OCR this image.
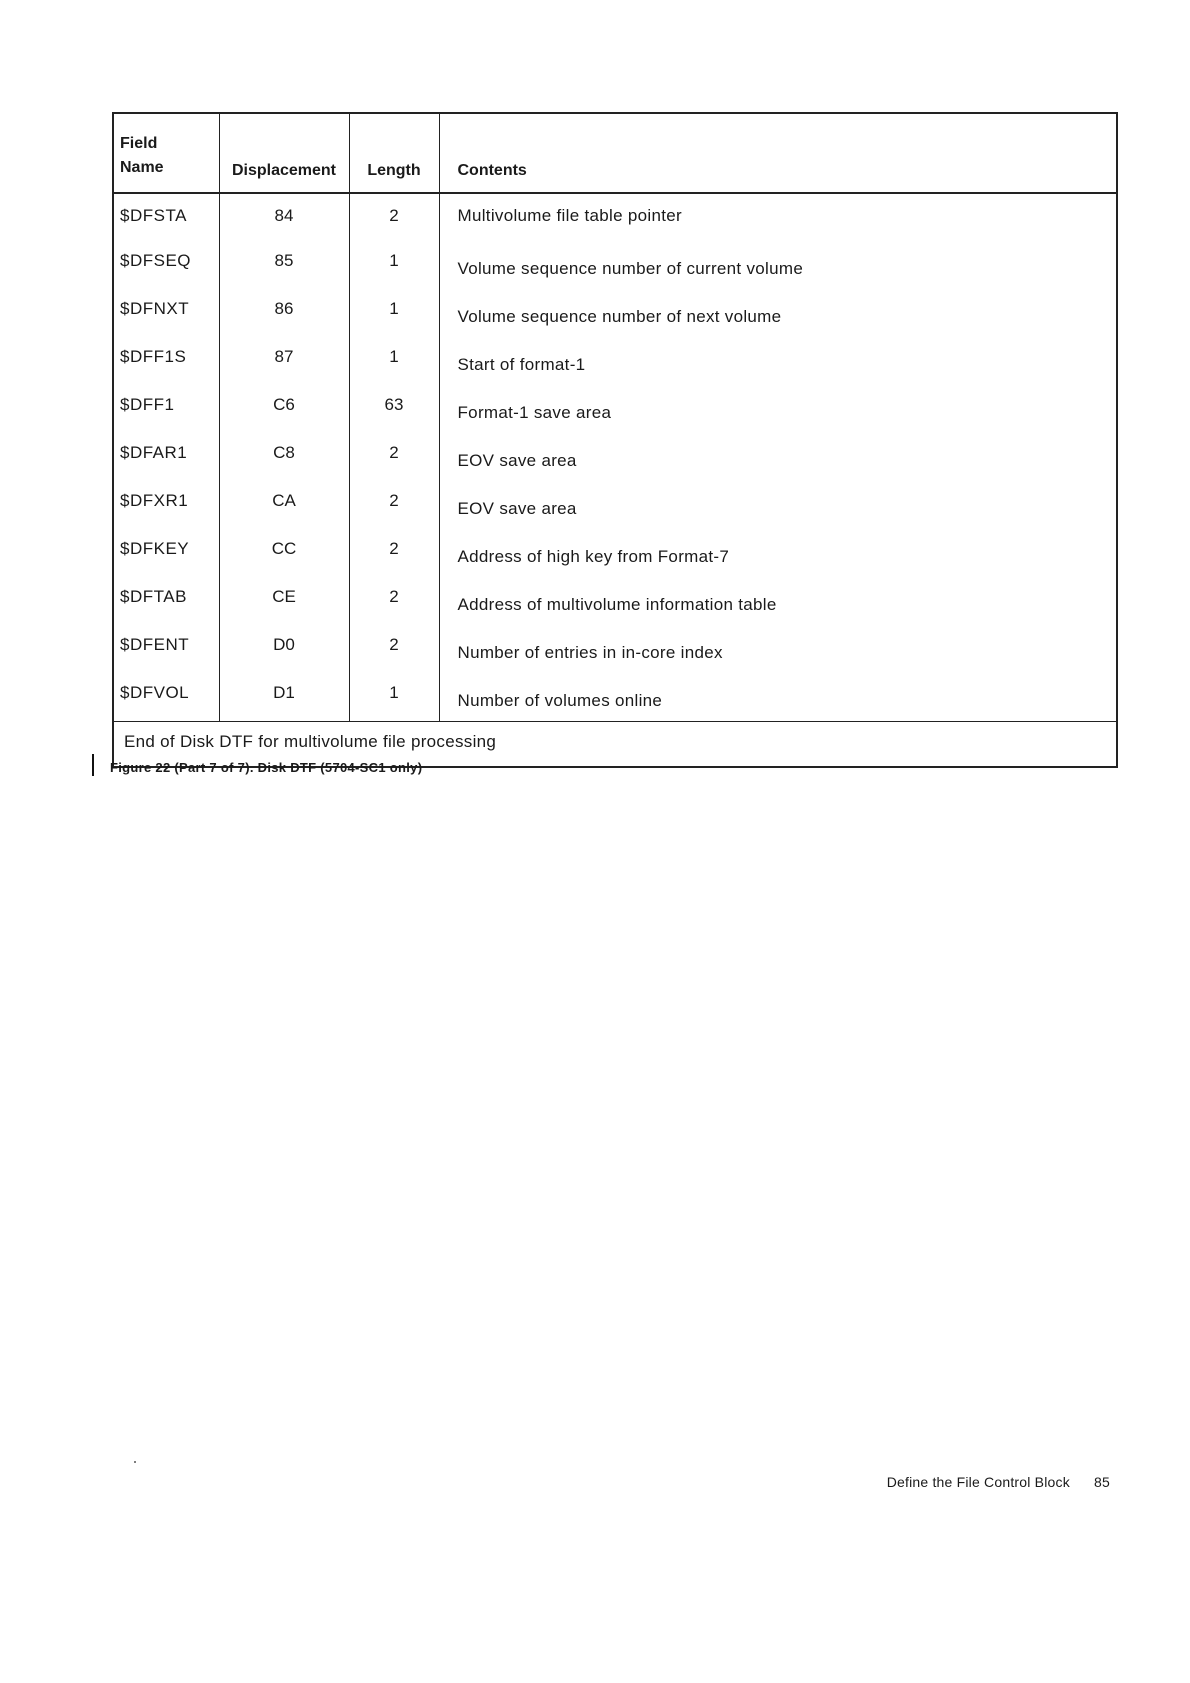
Field
Name	Displacement	Length	Contents
$DFSTA	84	2	Multivolume file table pointer
$DFSEQ	85	1	Volume sequence number of current volume
$DFNXT	86	1	Volume sequence number of next volume
$DFF1S	87	1	Start of format-1
$DFF1	C6	63	Format-1 save area
$DFAR1	C8	2	EOV save area
$DFXR1	CA	2	EOV save area
$DFKEY	CC	2	Address of high key from Format-7
$DFTAB	CE	2	Address of multivolume information table
$DFENT	D0	2	Number of entries in in-core index
$DFVOL	D1	1	Number of volumes online
End of Disk DTF for multivolume file processing			
Figure 22 (Part 7 of 7). Disk DTF (5704-SC1 only)
Define the File Control Block 85
